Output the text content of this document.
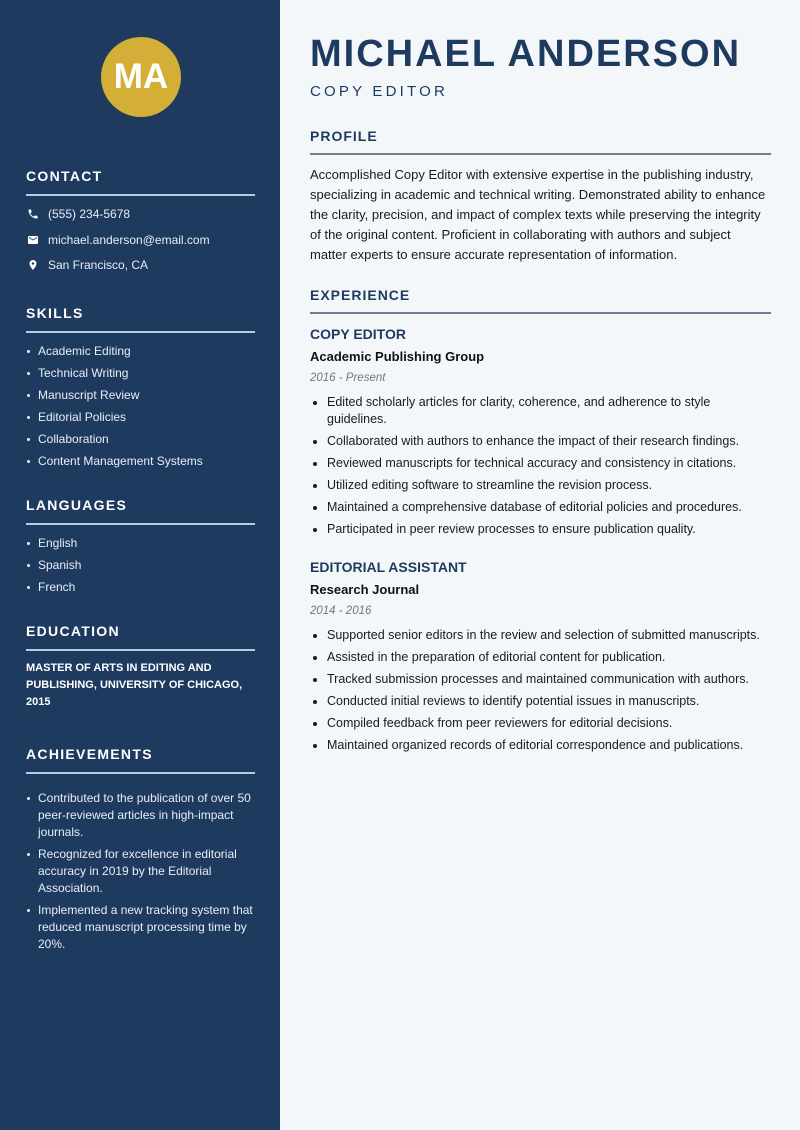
MA
CONTACT
(555) 234-5678
michael.anderson@email.com
San Francisco, CA
SKILLS
Academic Editing
Technical Writing
Manuscript Review
Editorial Policies
Collaboration
Content Management Systems
LANGUAGES
English
Spanish
French
EDUCATION
MASTER OF ARTS IN EDITING AND PUBLISHING, UNIVERSITY OF CHICAGO, 2015
ACHIEVEMENTS
Contributed to the publication of over 50 peer-reviewed articles in high-impact journals.
Recognized for excellence in editorial accuracy in 2019 by the Editorial Association.
Implemented a new tracking system that reduced manuscript processing time by 20%.
MICHAEL ANDERSON
COPY EDITOR
PROFILE

Accomplished Copy Editor with extensive expertise in the publishing industry, specializing in academic and technical writing. Demonstrated ability to enhance the clarity, precision, and impact of complex texts while preserving the integrity of the original content. Proficient in collaborating with authors and subject matter experts to ensure accurate representation of information.

EXPERIENCE
COPY EDITOR
Academic Publishing Group
2016 - Present
Edited scholarly articles for clarity, coherence, and adherence to style guidelines.
Collaborated with authors to enhance the impact of their research findings.
Reviewed manuscripts for technical accuracy and consistency in citations.
Utilized editing software to streamline the revision process.
Maintained a comprehensive database of editorial policies and procedures.
Participated in peer review processes to ensure publication quality.
EDITORIAL ASSISTANT
Research Journal
2014 - 2016
Supported senior editors in the review and selection of submitted manuscripts.
Assisted in the preparation of editorial content for publication.
Tracked submission processes and maintained communication with authors.
Conducted initial reviews to identify potential issues in manuscripts.
Compiled feedback from peer reviewers for editorial decisions.
Maintained organized records of editorial correspondence and publications.
